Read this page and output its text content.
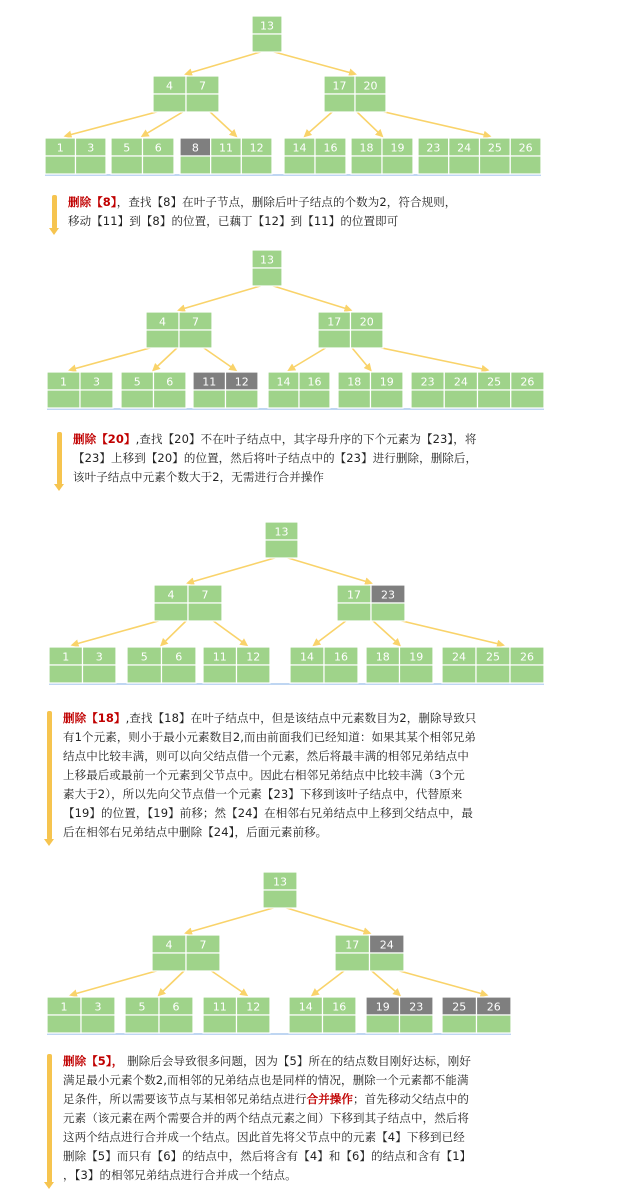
13
4 7	17 20
1 3	5 6	8 11 12	14 16 18 19 23 24 25 26
13
4 7	17 20
1 3	5 6	11 12	14 16 18 19 23 24 25 26
13
4 7	17 23
1 3	5	6	11 12	14 16	18 19	24 25 26
13
4 7	17 24
1 3	5 6	11 12	14 16	19 23	25 26
删除【8】，查找【8】在叶子节点，删除后叶子结点的个数为2，符合规则，
移动【11】到【8】的位置，已藕丁【12】到【11】的位置即可
删除【20】,查找【20】不在叶子结点中，其字母升序的下个元素为【23】，将
【23】上移到【20】的位置，然后将叶子结点中的【23】进行删除，删除后，
该叶子结点中元素个数大于2，无需进行合并操作
删除【18】,查找【18】在叶子结点中，但是该结点中元素数目为2，删除导致只
有1个元素，则小于最小元素数目2,而由前面我们已经知道：如果其某个相邻兄弟
结点中比较丰满，则可以向父结点借一个元素，然后将最丰满的相邻兄弟结点中
上移最后或最前一个元素到父节点中。因此右相邻兄弟结点中比较丰满（3个元
素大于2），所以先向父节点借一个元素【23】下移到该叶子结点中，代替原来
【19】的位置，【19】前移；然【24】在相邻右兄弟结点中上移到父结点中，最
后在相邻右兄弟结点中删除【24】，后面元素前移。
删除【5】， 删除后会导致很多问题，因为【5】所在的结点数目刚好达标，刚好
满足最小元素个数2,而相邻的兄弟结点也是同样的情况，删除一个元素都不能满
足条件，所以需要该节点与某相邻兄弟结点进行合并操作；首先移动父结点中的
元素（该元素在两个需要合并的两个结点元素之间）下移到其子结点中，然后将
这两个结点进行合并成一个结点。因此首先将父节点中的元素【4】下移到已经
删除【5】而只有【6】的结点中，然后将含有【4】和【6】的结点和含有【1】
，【3】的相邻兄弟结点进行合并成一个结点。
